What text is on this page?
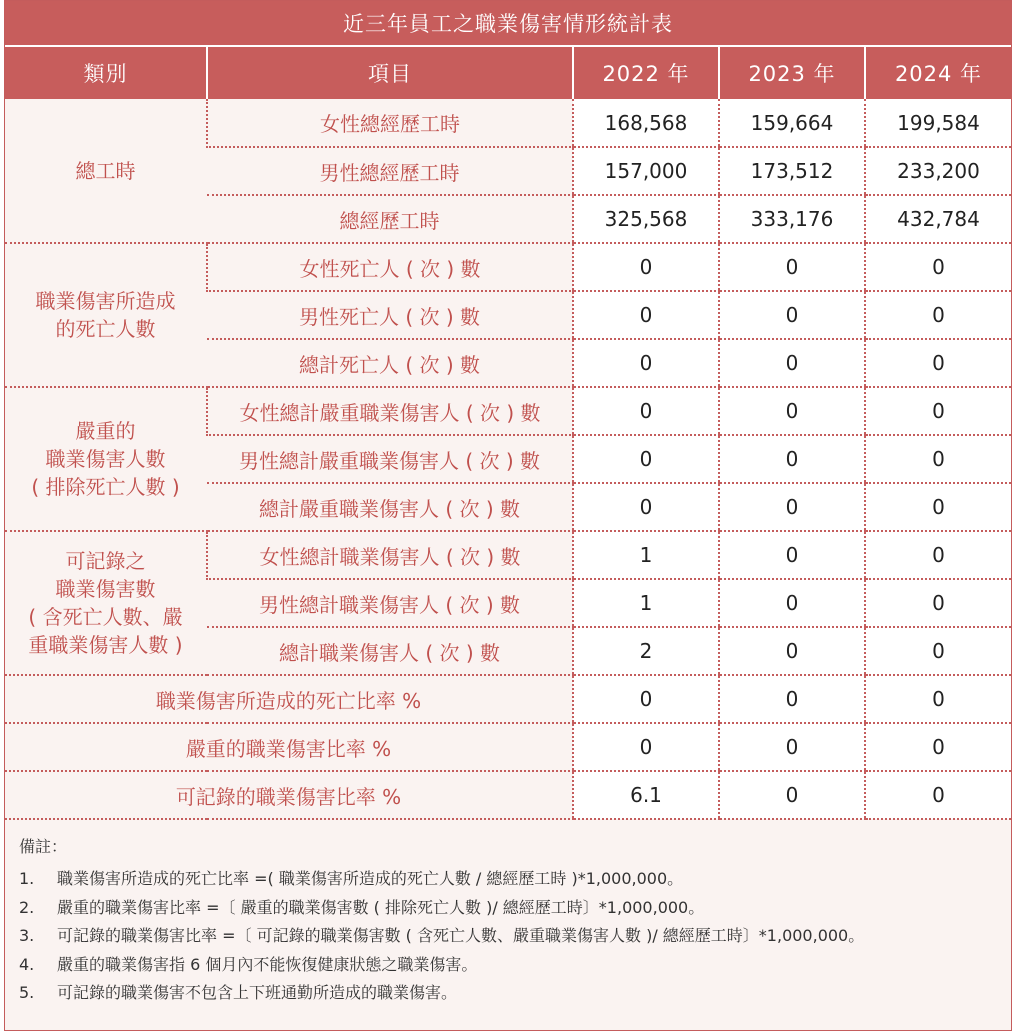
近三年員工之職業傷害情形統計表
類別	項目	2022 年	2023 年	2024 年
總工時	女性總經歷工時	168,568	159,664	199,584
	男性總經歷工時	157,000	173,512	233,200
	總經歷工時	325,568	333,176	432,784
職業傷害所造成
的死亡人數	女性死亡人 ( 次 ) 數	0	0	0
	男性死亡人 ( 次 ) 數	0	0	0
	總計死亡人 ( 次 ) 數	0	0	0
嚴重的
職業傷害人數
( 排除死亡人數 )	女性總計嚴重職業傷害人 ( 次 ) 數	0	0	0
	男性總計嚴重職業傷害人 ( 次 ) 數	0	0	0
	總計嚴重職業傷害人 ( 次 ) 數	0	0	0
可記錄之
職業傷害數
( 含死亡人數、嚴
重職業傷害人數 )	女性總計職業傷害人 ( 次 ) 數	1	0	0
	男性總計職業傷害人 ( 次 ) 數	1	0	0
	總計職業傷害人 ( 次 ) 數	2	0	0
職業傷害所造成的死亡比率 %		0	0	0
嚴重的職業傷害比率 %		0	0	0
可記錄的職業傷害比率 %		6.1	0	0
備註：
1.	職業傷害所造成的死亡比率 =( 職業傷害所造成的死亡人數 / 總經歷工時 )*1,000,000。
2.	嚴重的職業傷害比率 =〔 嚴重的職業傷害數 ( 排除死亡人數 )/ 總經歷工時〕*1,000,000。
3.	可記錄的職業傷害比率 =〔 可記錄的職業傷害數 ( 含死亡人數、嚴重職業傷害人數 )/ 總經歷工時〕*1,000,000。
4.	嚴重的職業傷害指 6 個月內不能恢復健康狀態之職業傷害。
5.	可記錄的職業傷害不包含上下班通勤所造成的職業傷害。
